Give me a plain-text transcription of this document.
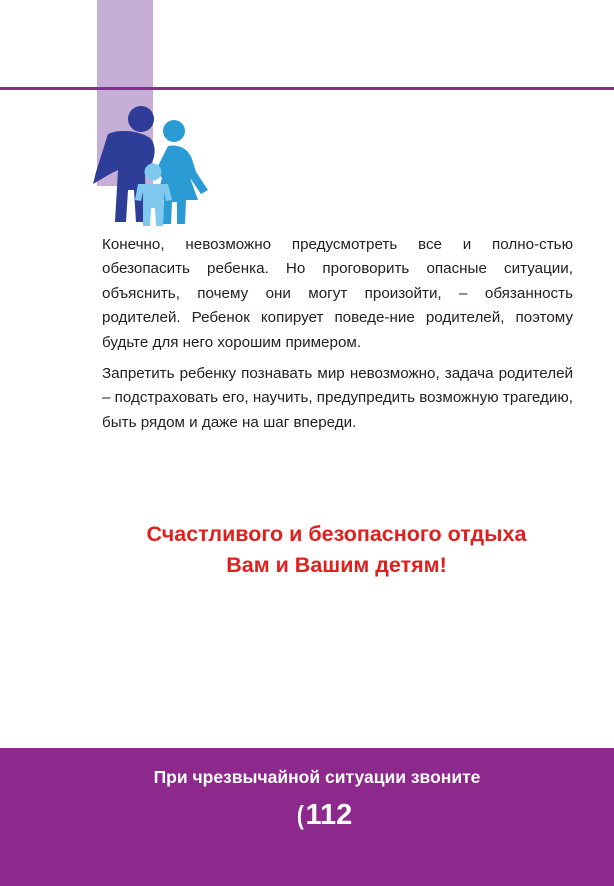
Конечно, невозможно предусмотреть все и полно-стью обезопасить ребенка. Но проговорить опасные ситуации, объяснить, почему они могут произойти, – обязанность родителей. Ребенок копирует поведе-ние родителей, поэтому будьте для него хорошим примером.

Запретить ребенку познавать мир невозможно, задача родителей – подстраховать его, научить, предупредить возможную трагедию, быть рядом и даже на шаг впереди.

Счастливого и безопасного отдыха
Вам и Вашим детям!
При чрезвычайной ситуации звоните
(112
